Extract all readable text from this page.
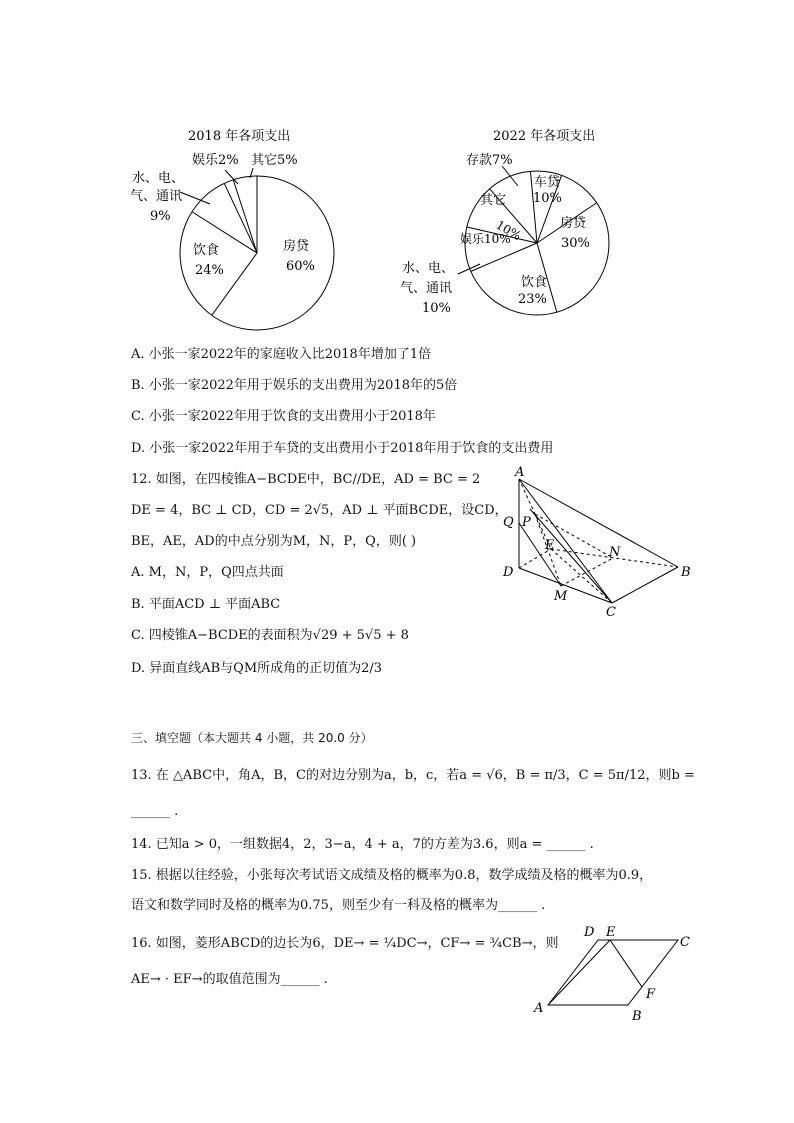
2018 年各项支出
房贷
60%
饮食
24%
水、电、
气、通讯
9%
娱乐2% 其它5%
2022 年各项支出
存款7%
车贷
10%
房贷
30%
饮食
23%
水、电、
气、通讯
10%
娱乐10%
其它
10%
A. 小张一家2022年的家庭收入比2018年增加了1倍
B. 小张一家2022年用于娱乐的支出费用为2018年的5倍
C. 小张一家2022年用于饮食的支出费用小于2018年
D. 小张一家2022年用于车贷的支出费用小于2018年用于饮食的支出费用
12. 如图，在四棱锥A−BCDE中，BC//DE，AD = BC = 2
DE = 4，BC ⊥ CD，CD = 2√5，AD ⊥ 平面BCDE，设CD，
BE，AE，AD的中点分别为M，N，P，Q，则( )
A. M，N，P，Q四点共面
B. 平面ACD ⊥ 平面ABC
C. 四棱锥A−BCDE的表面积为√29 + 5√5 + 8
D. 异面直线AB与QM所成角的正切值为2/3
A
Q P
E	N
D	B
M
C
三、填空题（本大题共 4 小题，共 20.0 分）
13. 在 △ABC中，角A，B，C的对边分别为a，b，c，若a = √6，B = π/3，C = 5π/12，则b =
______ .
14. 已知a > 0，一组数据4，2，3−a，4 + a，7的方差为3.6，则a = ______ .
15. 根据以往经验，小张每次考试语文成绩及格的概率为0.8，数学成绩及格的概率为0.9，
语文和数学同时及格的概率为0.75，则至少有一科及格的概率为______ .
16. 如图，菱形ABCD的边长为6，DE→ = ¼DC→，CF→ = ¾CB→，则
AE→ · EF→的取值范围为______ .
D E
C
F
A
B
